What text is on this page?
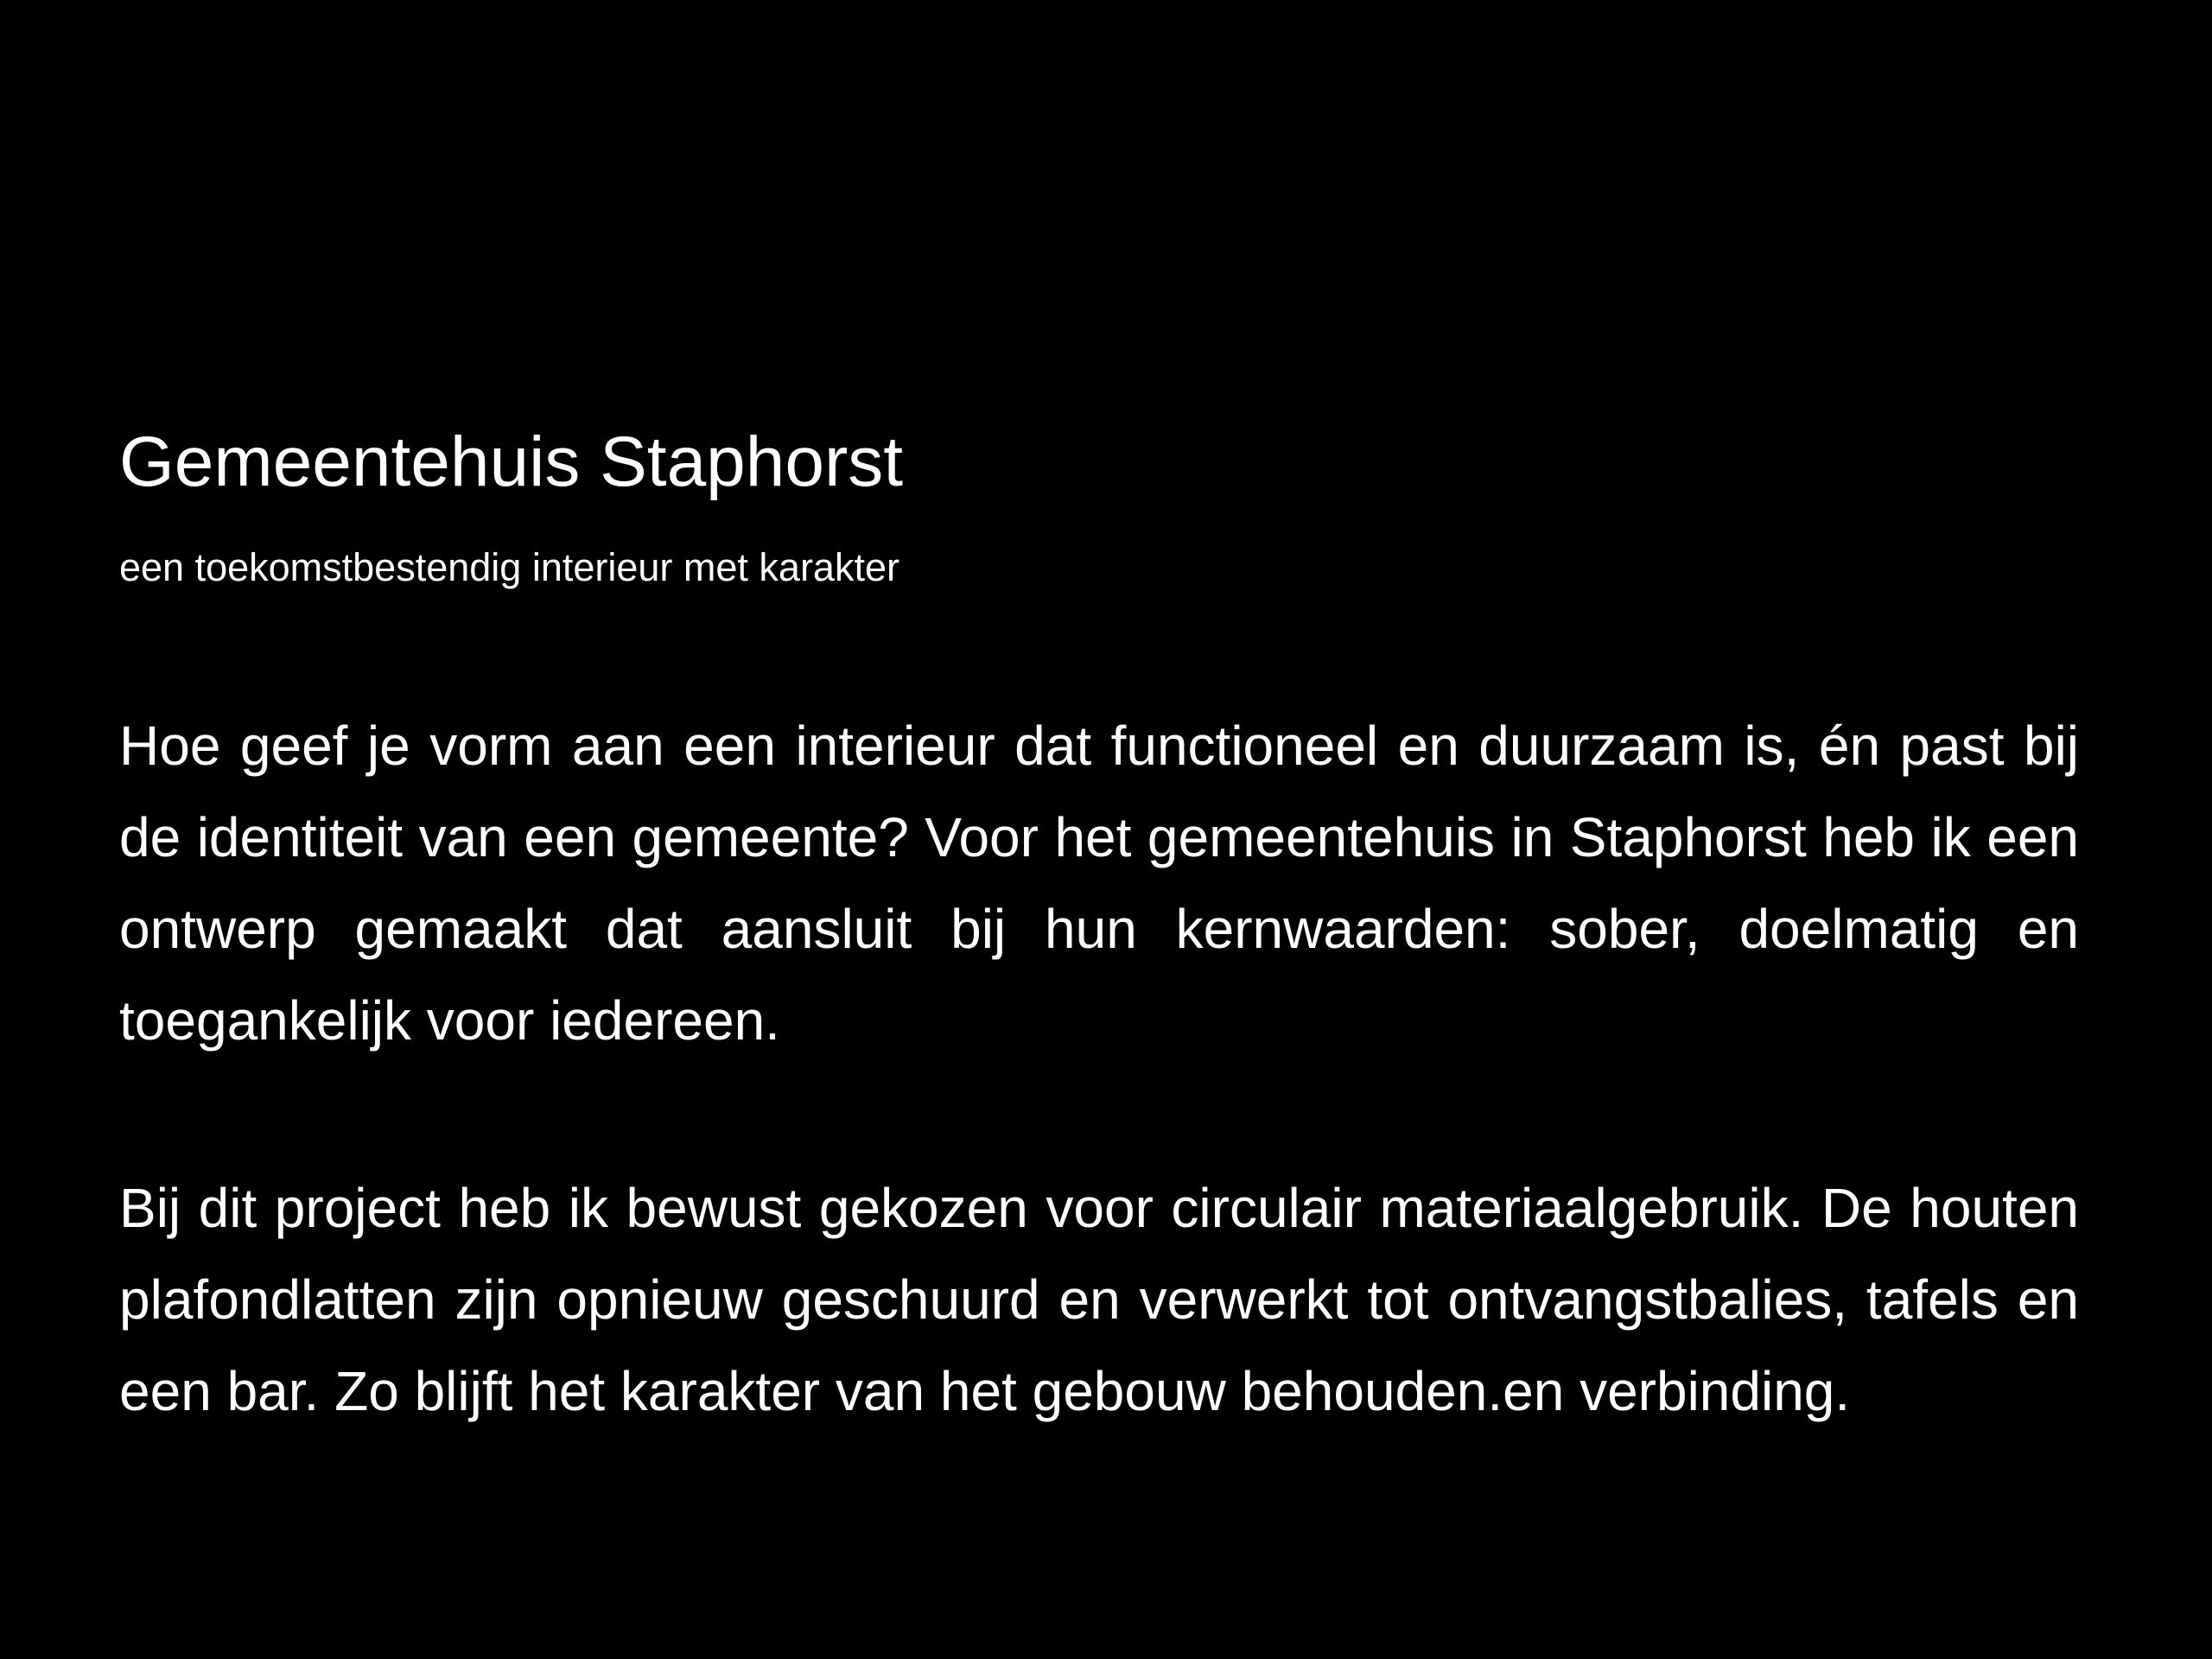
Gemeentehuis Staphorst

een toekomstbestendig interieur met karakter

Hoe geef je vorm aan een interieur dat functioneel en duurzaam is, én past bij de identiteit van een gemeente? Voor het gemeentehuis in Staphorst heb ik een ontwerp gemaakt dat aansluit bij hun kernwaarden: sober, doelmatig en toegankelijk voor iedereen.

Bij dit project heb ik bewust gekozen voor circulair materiaalgebruik. De houten plafondlatten zijn opnieuw geschuurd en verwerkt tot ontvangstbalies, tafels en een bar. Zo blijft het karakter van het gebouw behouden.en verbinding.
